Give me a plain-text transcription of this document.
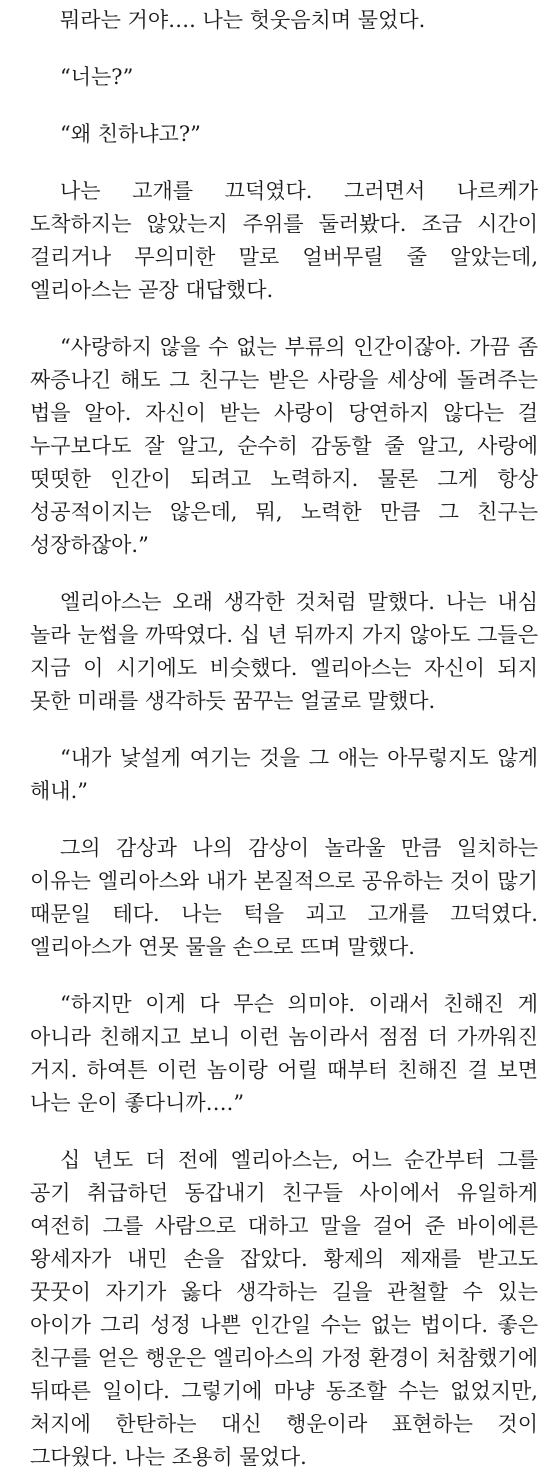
뭐라는 거야…. 나는 헛웃음치며 물었다.

“너는?”

“왜 친하냐고?”

나는 고개를 끄덕였다. 그러면서 나르케가 도착하지는 않았는지 주위를 둘러봤다. 조금 시간이 걸리거나 무의미한 말로 얼버무릴 줄 알았는데, 엘리아스는 곧장 대답했다.

“사랑하지 않을 수 없는 부류의 인간이잖아. 가끔 좀 짜증나긴 해도 그 친구는 받은 사랑을 세상에 돌려주는 법을 알아. 자신이 받는 사랑이 당연하지 않다는 걸 누구보다도 잘 알고, 순수히 감동할 줄 알고, 사랑에 떳떳한 인간이 되려고 노력하지. 물론 그게 항상 성공적이지는 않은데, 뭐, 노력한 만큼 그 친구는 성장하잖아.”

엘리아스는 오래 생각한 것처럼 말했다. 나는 내심 놀라 눈썹을 까딱였다. 십 년 뒤까지 가지 않아도 그들은 지금 이 시기에도 비슷했다. 엘리아스는 자신이 되지 못한 미래를 생각하듯 꿈꾸는 얼굴로 말했다.

“내가 낯설게 여기는 것을 그 애는 아무렇지도 않게 해내.”

그의 감상과 나의 감상이 놀라울 만큼 일치하는 이유는 엘리아스와 내가 본질적으로 공유하는 것이 많기 때문일 테다. 나는 턱을 괴고 고개를 끄덕였다. 엘리아스가 연못 물을 손으로 뜨며 말했다.

“하지만 이게 다 무슨 의미야. 이래서 친해진 게 아니라 친해지고 보니 이런 놈이라서 점점 더 가까워진 거지. 하여튼 이런 놈이랑 어릴 때부터 친해진 걸 보면 나는 운이 좋다니까….”

십 년도 더 전에 엘리아스는, 어느 순간부터 그를 공기 취급하던 동갑내기 친구들 사이에서 유일하게 여전히 그를 사람으로 대하고 말을 걸어 준 바이에른 왕세자가 내민 손을 잡았다. 황제의 제재를 받고도 꿋꿋이 자기가 옳다 생각하는 길을 관철할 수 있는 아이가 그리 성정 나쁜 인간일 수는 없는 법이다. 좋은 친구를 얻은 행운은 엘리아스의 가정 환경이 처참했기에 뒤따른 일이다. 그렇기에 마냥 동조할 수는 없었지만, 처지에 한탄하는 대신 행운이라 표현하는 것이 그다웠다. 나는 조용히 물었다.
